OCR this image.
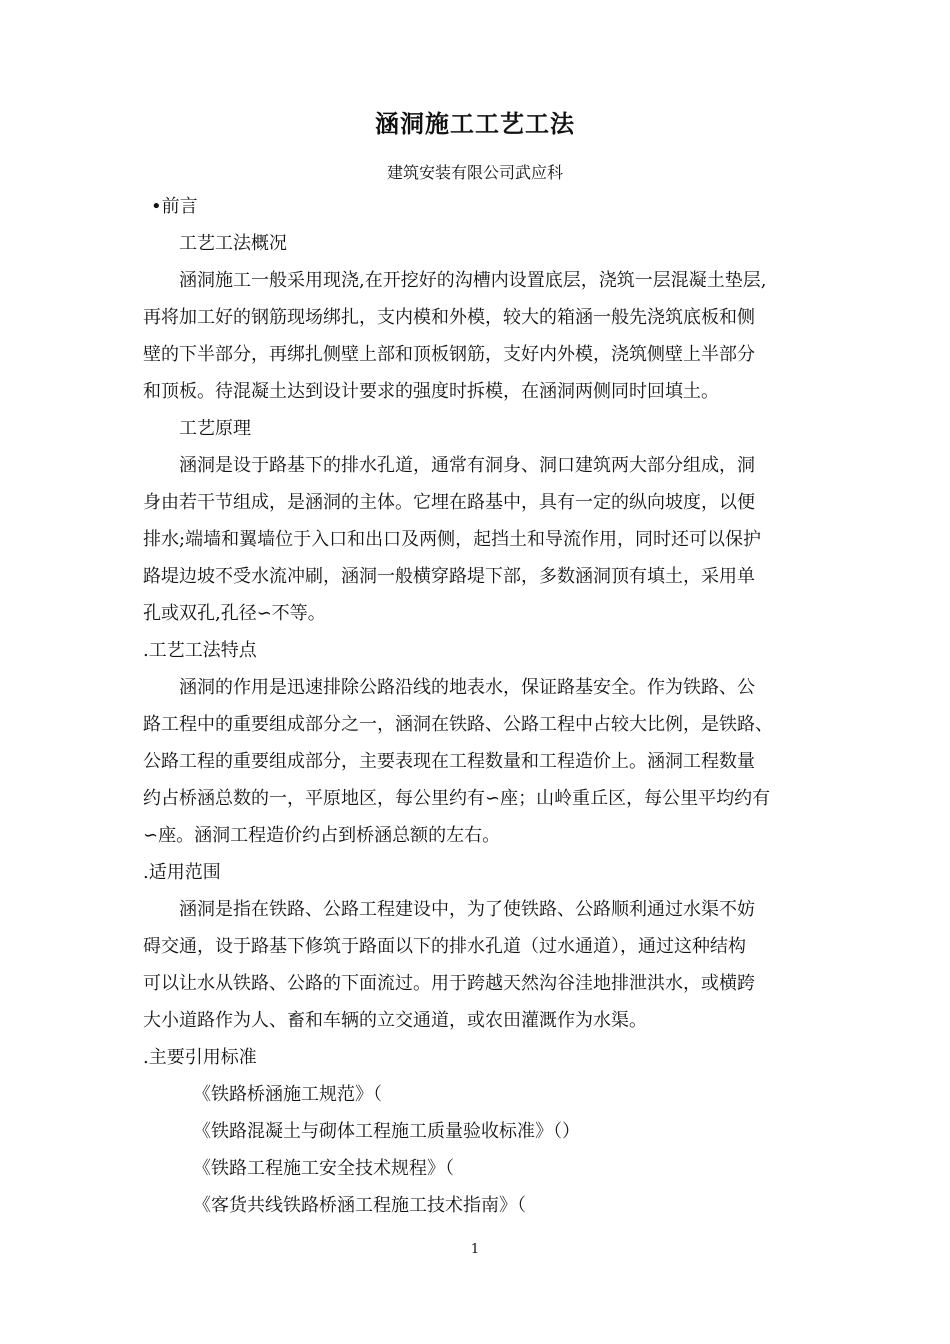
涵洞施工工艺工法
建筑安装有限公司武应科
•前言
工艺工法概况
涵洞施工一般采用现浇,在开挖好的沟槽内设置底层，浇筑一层混凝土垫层,
再将加工好的钢筋现场绑扎，支内模和外模，较大的箱涵一般先浇筑底板和侧
壁的下半部分，再绑扎侧壁上部和顶板钢筋，支好内外模，浇筑侧壁上半部分
和顶板。待混凝土达到设计要求的强度时拆模，在涵洞两侧同时回填土。
工艺原理
涵洞是设于路基下的排水孔道，通常有洞身、洞口建筑两大部分组成，洞
身由若干节组成，是涵洞的主体。它埋在路基中，具有一定的纵向坡度，以便
排水;端墙和翼墙位于入口和出口及两侧，起挡土和导流作用，同时还可以保护
路堤边坡不受水流冲刷，涵洞一般横穿路堤下部，多数涵洞顶有填土，采用单
孔或双孔,孔径∽不等。
.工艺工法特点
涵洞的作用是迅速排除公路沿线的地表水，保证路基安全。作为铁路、公
路工程中的重要组成部分之一，涵洞在铁路、公路工程中占较大比例，是铁路、
公路工程的重要组成部分，主要表现在工程数量和工程造价上。涵洞工程数量
约占桥涵总数的一，平原地区，每公里约有∽座；山岭重丘区，每公里平均约有
∽座。涵洞工程造价约占到桥涵总额的左右。
.适用范围
涵洞是指在铁路、公路工程建设中，为了使铁路、公路顺利通过水渠不妨
碍交通，设于路基下修筑于路面以下的排水孔道（过水通道），通过这种结构
可以让水从铁路、公路的下面流过。用于跨越天然沟谷洼地排泄洪水，或横跨
大小道路作为人、畜和车辆的立交通道，或农田灌溉作为水渠。
.主要引用标准
《铁路桥涵施工规范》（
《铁路混凝土与砌体工程施工质量验收标准》（）
《铁路工程施工安全技术规程》（
《客货共线铁路桥涵工程施工技术指南》（
1
